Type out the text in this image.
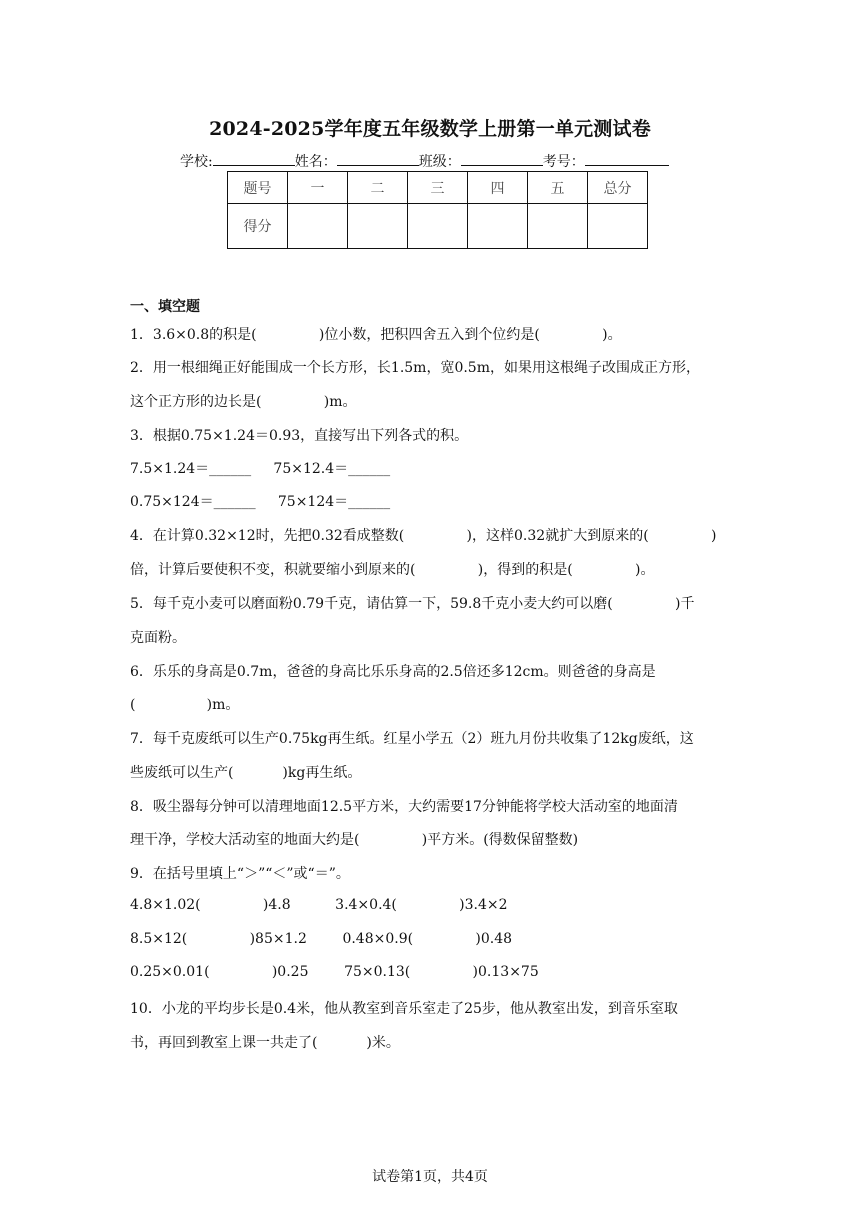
2024-2025学年度五年级数学上册第一单元测试卷
学校:	姓名：	班级：	考号：
题号	一	二	三	四	五	总分
得分						
一、填空题
1．3.6×0.8的积是(              )位小数，把积四舍五入到个位约是(              )。
2．用一根细绳正好能围成一个长方形，长1.5m，宽0.5m，如果用这根绳子改围成正方形，
这个正方形的边长是(              )m。
3．根据0.75×1.24＝0.93，直接写出下列各式的积。
7.5×1.24＝______     75×12.4＝______
0.75×124＝______     75×124＝______
4．在计算0.32×12时，先把0.32看成整数(              )，这样0.32就扩大到原来的(              )
倍，计算后要使积不变，积就要缩小到原来的(              )，得到的积是(              )。
5．每千克小麦可以磨面粉0.79千克，请估算一下，59.8千克小麦大约可以磨(              )千
克面粉。
6．乐乐的身高是0.7m，爸爸的身高比乐乐身高的2.5倍还多12cm。则爸爸的身高是
(                )m。
7．每千克废纸可以生产0.75kg再生纸。红星小学五（2）班九月份共收集了12kg废纸，这
些废纸可以生产(           )kg再生纸。
8．吸尘器每分钟可以清理地面12.5平方米，大约需要17分钟能将学校大活动室的地面清
理干净，学校大活动室的地面大约是(              )平方米。(得数保留整数)
9．在括号里填上“＞”“＜”或“＝”。
4.8×1.02(              )4.8          3.4×0.4(              )3.4×2
8.5×12(              )85×1.2        0.48×0.9(              )0.48
0.25×0.01(              )0.25        75×0.13(              )0.13×75
10．小龙的平均步长是0.4米，他从教室到音乐室走了25步，他从教室出发，到音乐室取
书，再回到教室上课一共走了(           )米。
试卷第1页，共4页
